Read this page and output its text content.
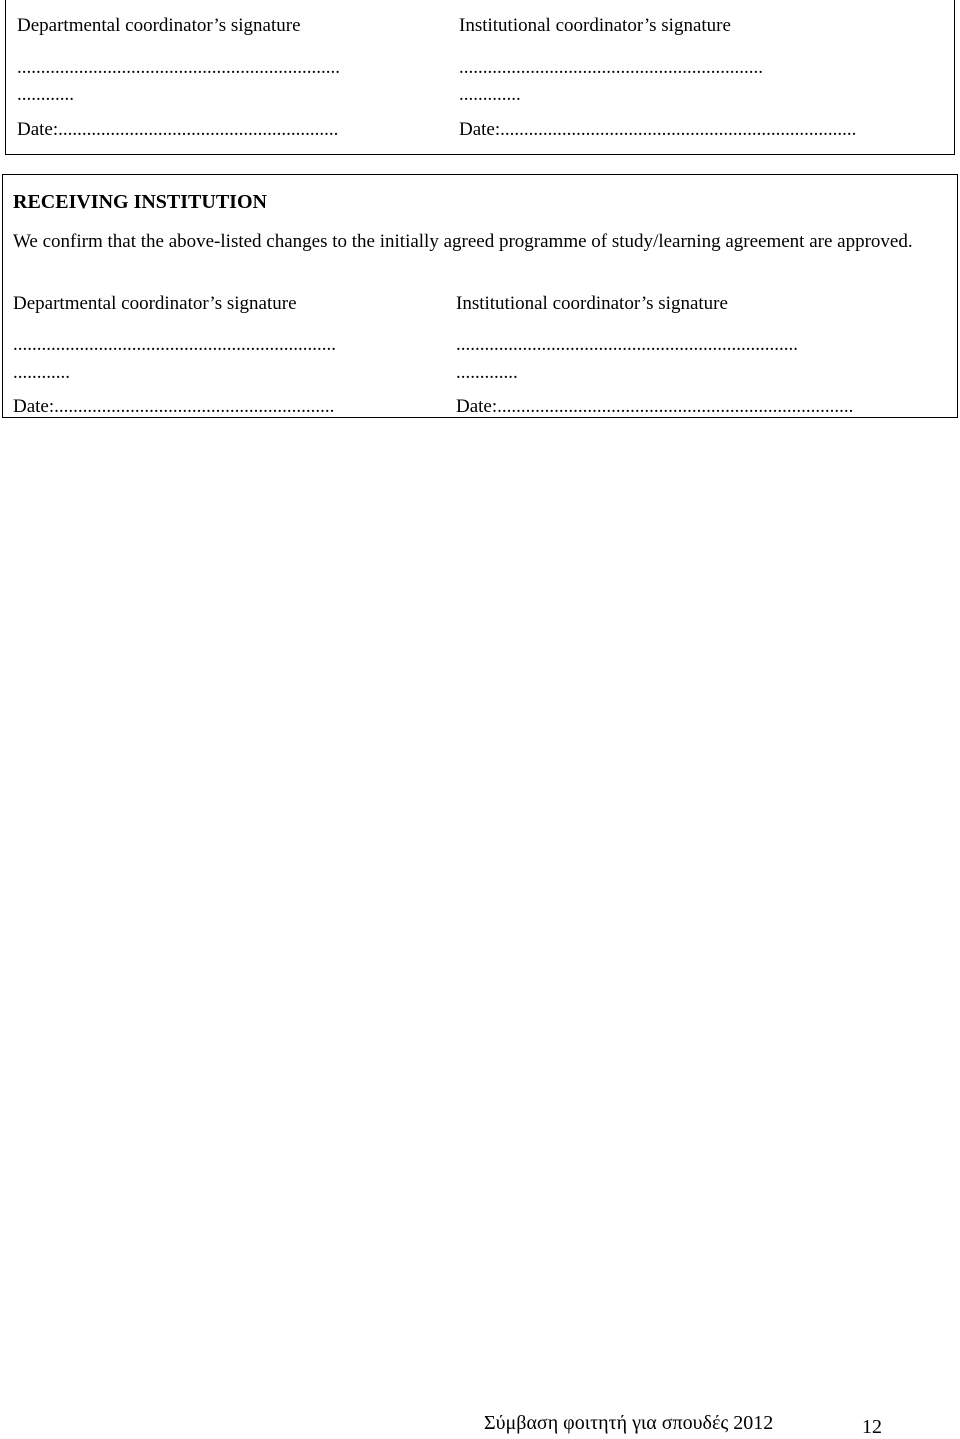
Departmental coordinator’s signature
....................................................................
............
Date:...........................................................
Institutional coordinator’s signature
................................................................
.............
Date:...........................................................................
RECEIVING INSTITUTION
We confirm that the above-listed changes to the initially agreed programme of study/learning agreement are approved.
Departmental coordinator’s signature
....................................................................
............
Date:...........................................................
Institutional coordinator’s signature
........................................................................
.............
Date:...........................................................................
Σύμβαση φοιτητή για σπουδές 2012	12
